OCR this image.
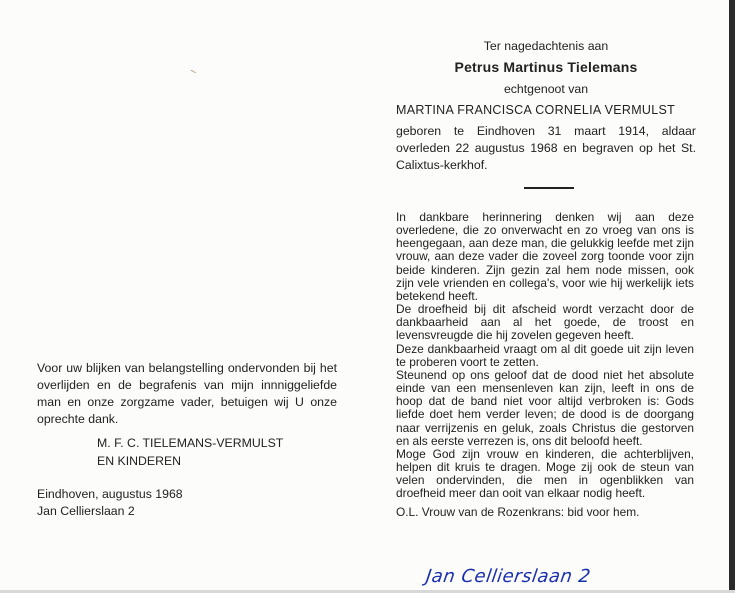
~
Ter nagedachtenis aan
Petrus Martinus Tielemans
echtgenoot van
MARTINA FRANCISCA CORNELIA VERMULST
geboren te Eindhoven 31 maart 1914, aldaar overleden 22 augustus 1968 en begraven op het St. Calixtus-kerkhof.

In dankbare herinnering denken wij aan deze overledene, die zo onverwacht en zo vroeg van ons is heengegaan, aan deze man, die gelukkig leefde met zijn vrouw, aan deze vader die zoveel zorg toonde voor zijn beide kinderen. Zijn gezin zal hem node missen, ook zijn vele vrienden en collega's, voor wie hij werkelijk iets betekend heeft.

De droefheid bij dit afscheid wordt verzacht door de dankbaarheid aan al het goede, de troost en levensvreugde die hij zovelen gegeven heeft.

Deze dankbaarheid vraagt om al dit goede uit zijn leven te proberen voort te zetten.

Steunend op ons geloof dat de dood niet het absolute einde van een mensenleven kan zijn, leeft in ons de hoop dat de band niet voor altijd verbroken is: Gods liefde doet hem verder leven; de dood is de doorgang naar verrijzenis en geluk, zoals Christus die gestorven en als eerste verrezen is, ons dit beloofd heeft.

Moge God zijn vrouw en kinderen, die achterblijven, helpen dit kruis te dragen. Moge zij ook de steun van velen ondervinden, die men in ogenblikken van droefheid meer dan ooit van elkaar nodig heeft.

O.L. Vrouw van de Rozenkrans: bid voor hem.

Jan Cellierslaan 2
Voor uw blijken van belangstelling ondervonden bij het overlijden en de begrafenis van mijn innniggeliefde man en onze zorgzame vader, betuigen wij U onze oprechte dank.
M. F. C. TIELEMANS-VERMULST
EN KINDEREN
Eindhoven, augustus 1968
Jan Cellierslaan 2
